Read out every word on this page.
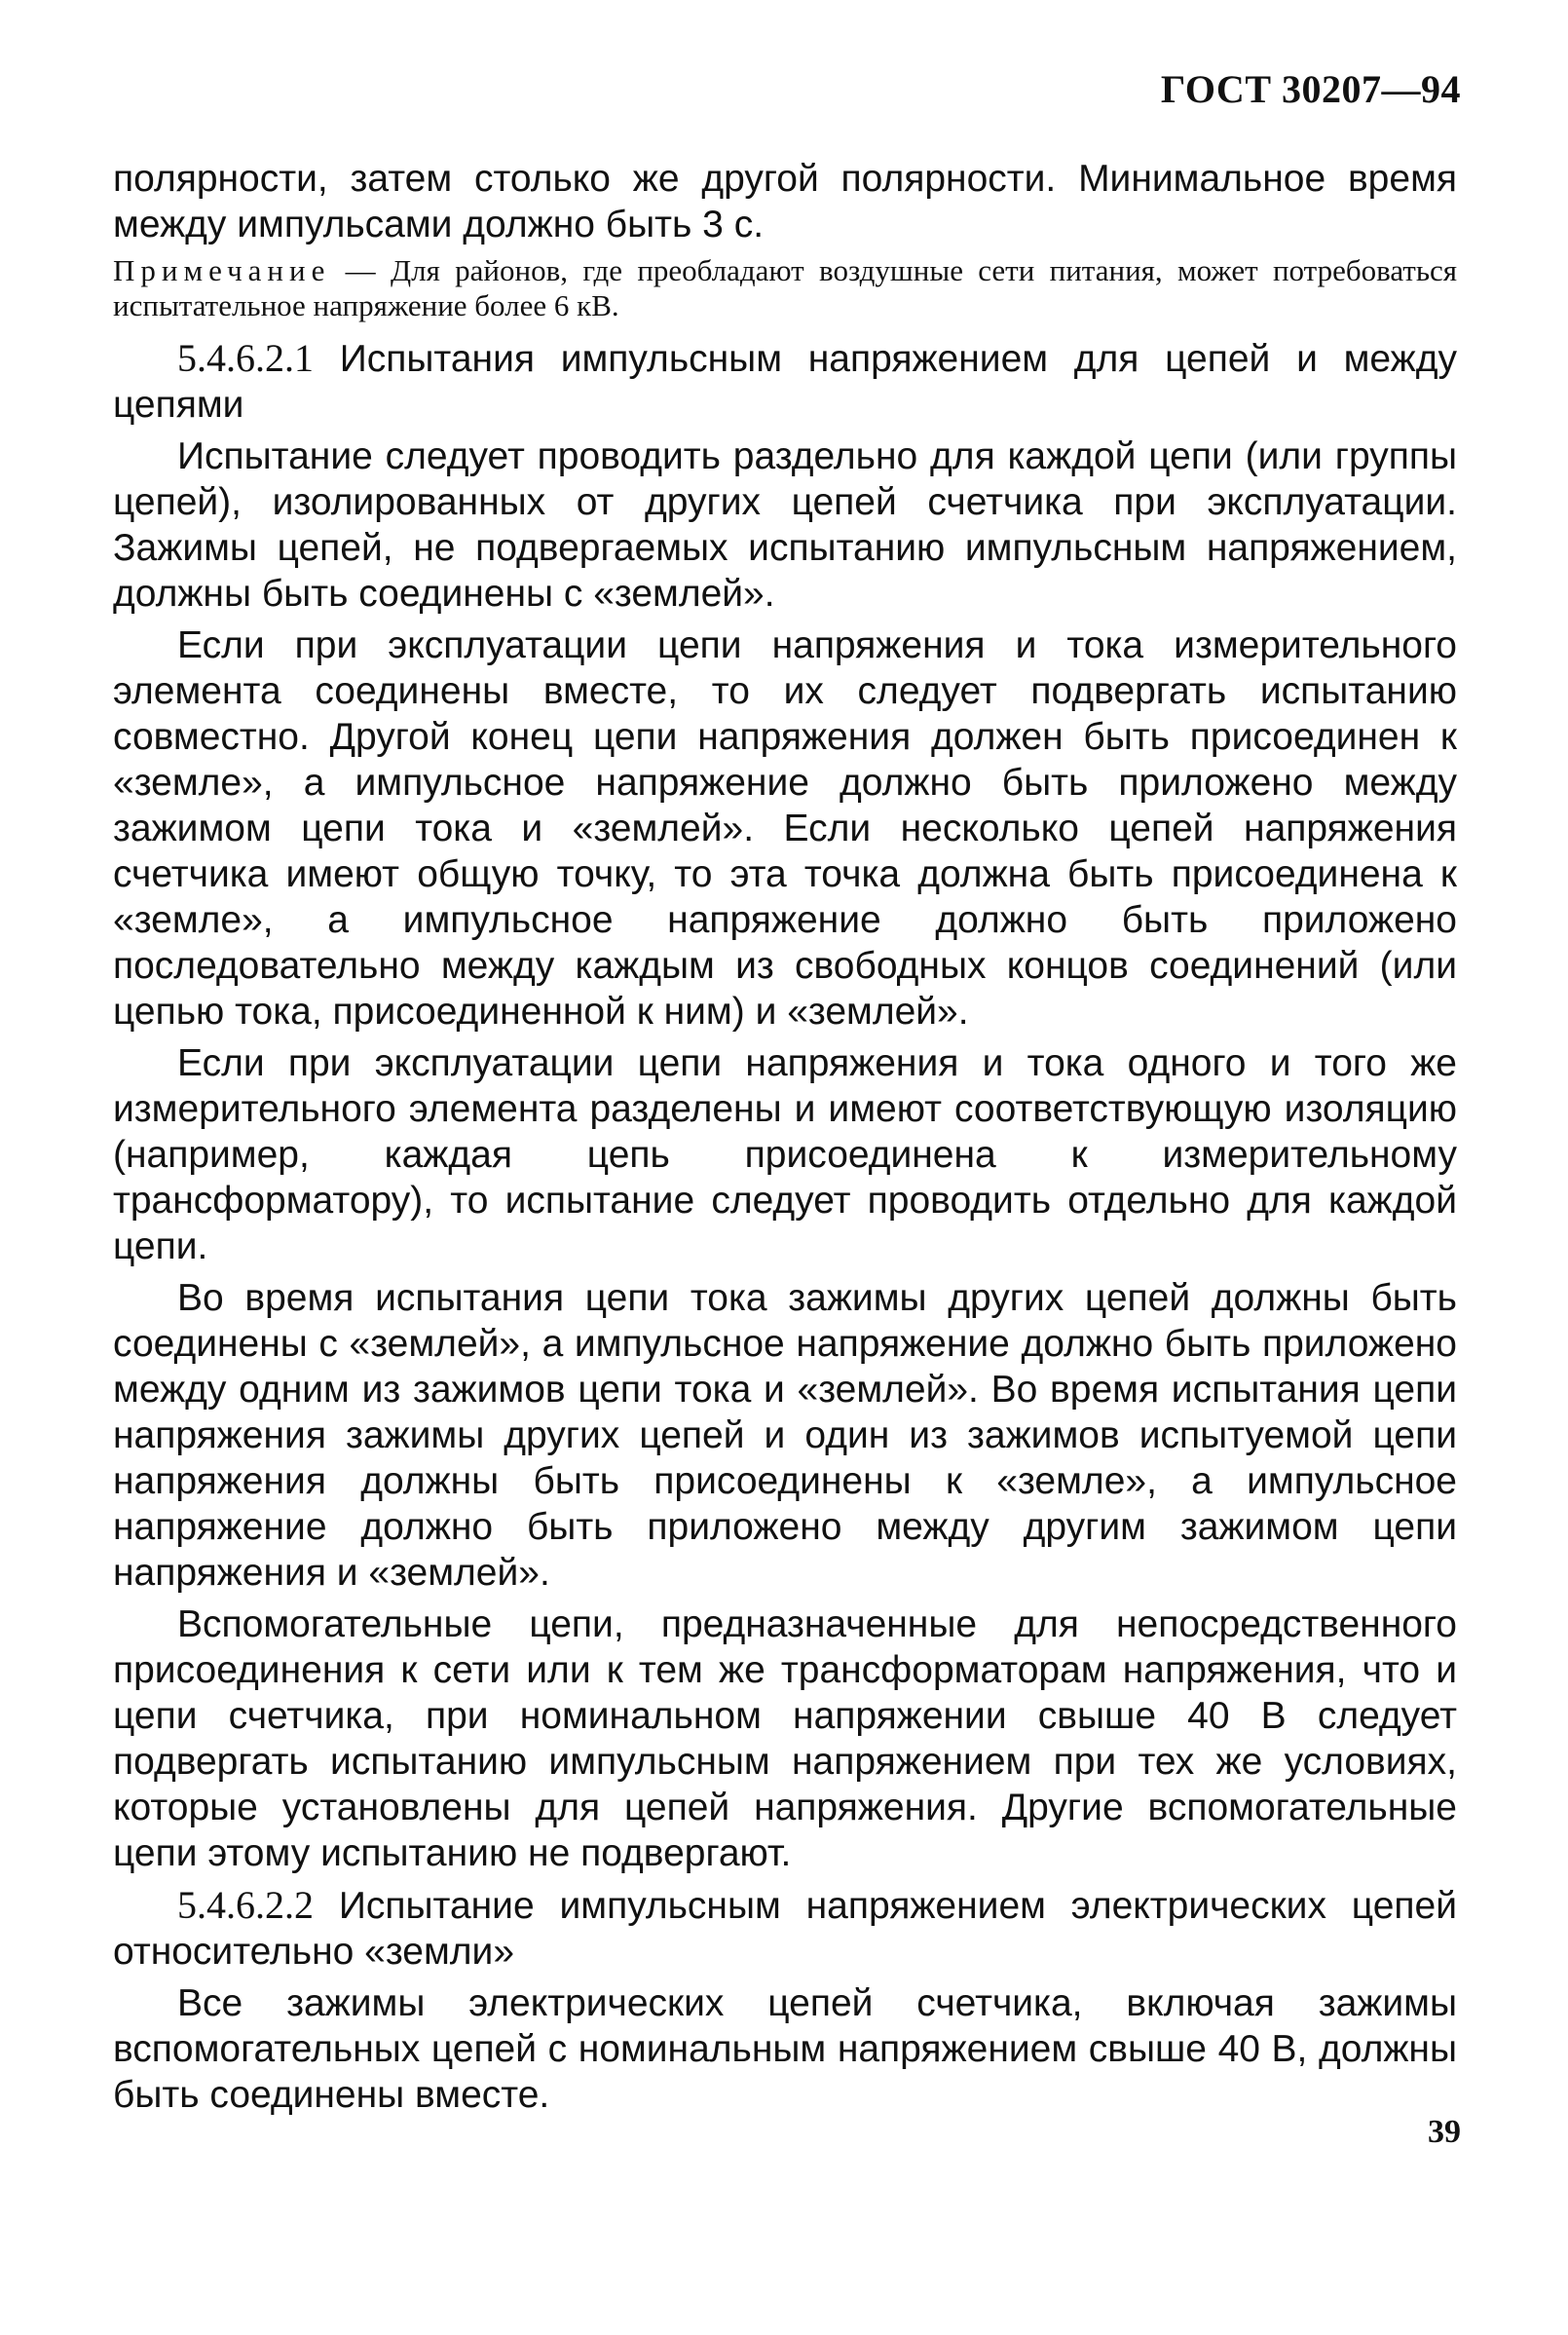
ГОСТ 30207—94

полярности, затем столько же другой полярности. Минимальное время между импульсами должно быть 3 с.

Примечание — Для районов, где преобладают воздушные сети питания, может потребоваться испытательное напряжение более 6 кВ.

5.4.6.2.1 Испытания импульсным напряжением для цепей и между цепями

Испытание следует проводить раздельно для каждой цепи (или группы цепей), изолированных от других цепей счетчика при эксплуатации. Зажимы цепей, не подвергаемых испытанию импульсным напряжением, должны быть соединены с «землей».

Если при эксплуатации цепи напряжения и тока измерительного элемента соединены вместе, то их следует подвергать испытанию совместно. Другой конец цепи напряжения должен быть присоединен к «земле», а импульсное напряжение должно быть приложено между зажимом цепи тока и «землей». Если несколько цепей напряжения счетчика имеют общую точку, то эта точка должна быть присоединена к «земле», а импульсное напряжение должно быть приложено последовательно между каждым из свободных концов соединений (или цепью тока, присоединенной к ним) и «землей».

Если при эксплуатации цепи напряжения и тока одного и того же измерительного элемента разделены и имеют соответствующую изоляцию (например, каждая цепь присоединена к измерительному трансформатору), то испытание следует проводить отдельно для каждой цепи.

Во время испытания цепи тока зажимы других цепей должны быть соединены с «землей», а импульсное напряжение должно быть приложено между одним из зажимов цепи тока и «землей». Во время испытания цепи напряжения зажимы других цепей и один из зажимов испытуемой цепи напряжения должны быть присоединены к «земле», а импульсное напряжение должно быть приложено между другим зажимом цепи напряжения и «землей».

Вспомогательные цепи, предназначенные для непосредственного присоединения к сети или к тем же трансформаторам напряжения, что и цепи счетчика, при номинальном напряжении свыше 40 В следует подвергать испытанию импульсным напряжением при тех же условиях, которые установлены для цепей напряжения. Другие вспомогательные цепи этому испытанию не подвергают.

5.4.6.2.2 Испытание импульсным напряжением электрических цепей относительно «земли»

Все зажимы электрических цепей счетчика, включая зажимы вспомогательных цепей с номинальным напряжением свыше 40 В, должны быть соединены вместе.

39
